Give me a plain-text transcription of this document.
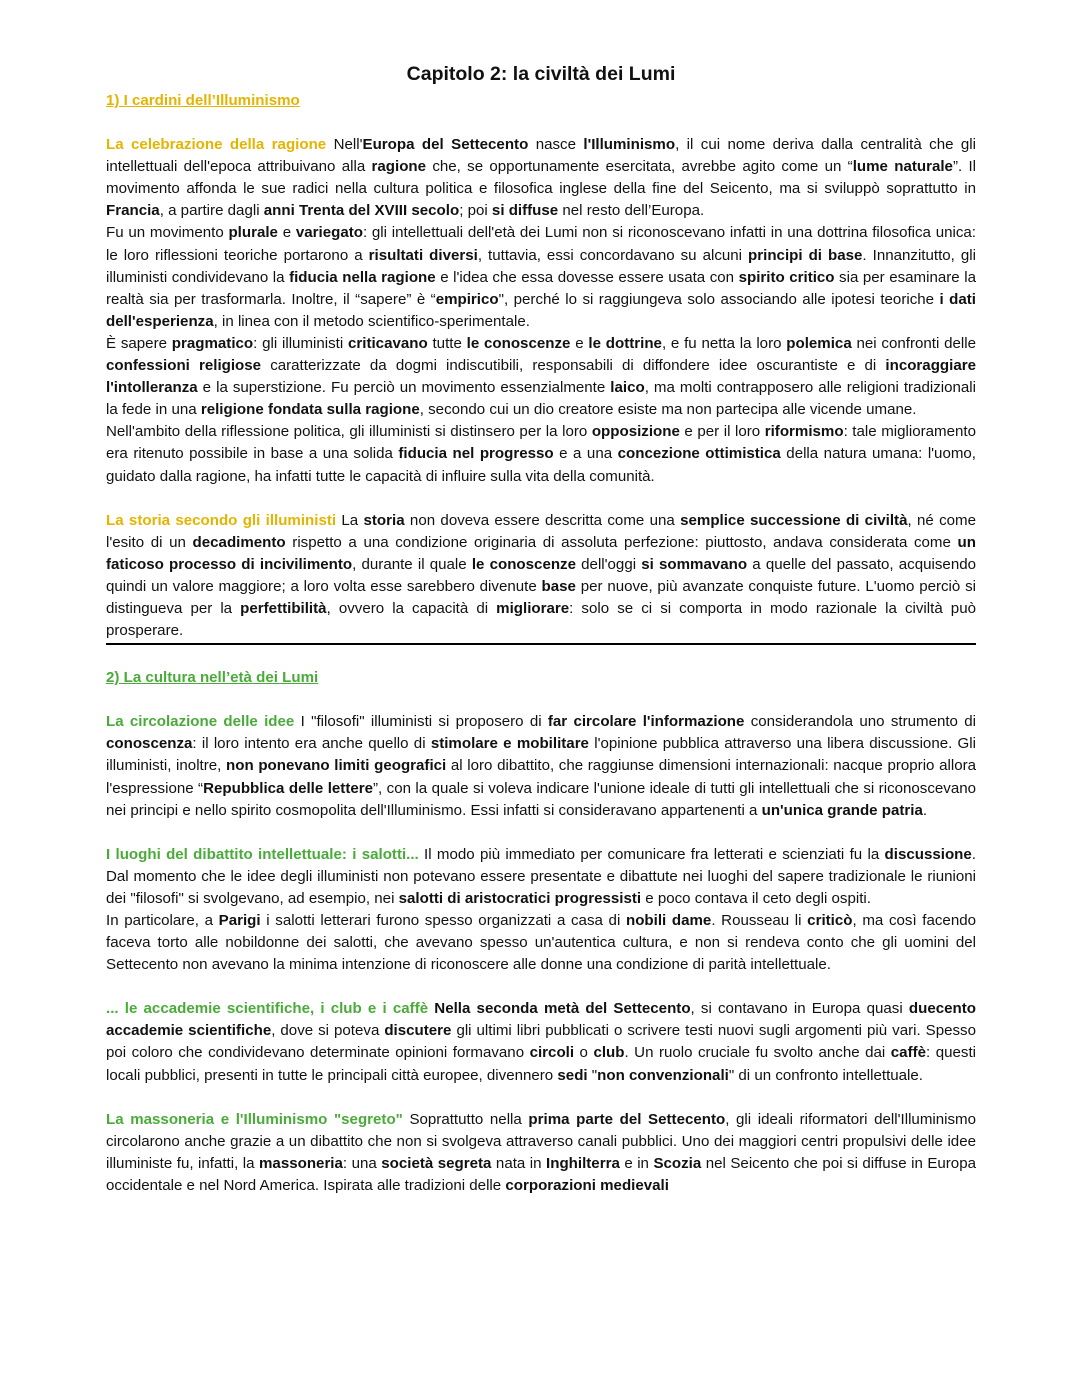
Capitolo 2: la civiltà dei Lumi

1) I cardini dell’Illuminismo

La celebrazione della ragione Nell'Europa del Settecento nasce l'Illuminismo, il cui nome deriva dalla centralità che gli intellettuali dell'epoca attribuivano alla ragione che, se opportunamente esercitata, avrebbe agito come un “lume naturale”. Il movimento affonda le sue radici nella cultura politica e filosofica inglese della fine del Seicento, ma si sviluppò soprattutto in Francia, a partire dagli anni Trenta del XVIII secolo; poi si diffuse nel resto dell’Europa.

Fu un movimento plurale e variegato: gli intellettuali dell'età dei Lumi non si riconoscevano infatti in una dottrina filosofica unica: le loro riflessioni teoriche portarono a risultati diversi, tuttavia, essi concordavano su alcuni principi di base. Innanzitutto, gli illuministi condividevano la fiducia nella ragione e l'idea che essa dovesse essere usata con spirito critico sia per esaminare la realtà sia per trasformarla. Inoltre, il “sapere” è “empirico", perché lo si raggiungeva solo associando alle ipotesi teoriche i dati dell'esperienza, in linea con il metodo scientifico-sperimentale.

È sapere pragmatico: gli illuministi criticavano tutte le conoscenze e le dottrine, e fu netta la loro polemica nei confronti delle confessioni religiose caratterizzate da dogmi indiscutibili, responsabili di diffondere idee oscurantiste e di incoraggiare l'intolleranza e la superstizione. Fu perciò un movimento essenzialmente laico, ma molti contrapposero alle religioni tradizionali la fede in una religione fondata sulla ragione, secondo cui un dio creatore esiste ma non partecipa alle vicende umane.

Nell'ambito della riflessione politica, gli illuministi si distinsero per la loro opposizione e per il loro riformismo: tale miglioramento era ritenuto possibile in base a una solida fiducia nel progresso e a una concezione ottimistica della natura umana: l'uomo, guidato dalla ragione, ha infatti tutte le capacità di influire sulla vita della comunità.

La storia secondo gli illuministi La storia non doveva essere descritta come una semplice successione di civiltà, né come l'esito di un decadimento rispetto a una condizione originaria di assoluta perfezione: piuttosto, andava considerata come un faticoso processo di incivilimento, durante il quale le conoscenze dell'oggi si sommavano a quelle del passato, acquisendo quindi un valore maggiore; a loro volta esse sarebbero divenute base per nuove, più avanzate conquiste future. L'uomo perciò si distingueva per la perfettibilità, ovvero la capacità di migliorare: solo se ci si comporta in modo razionale la civiltà può prosperare.

2) La cultura nell’età dei Lumi

La circolazione delle idee I "filosofi" illuministi si proposero di far circolare l'informazione considerandola uno strumento di conoscenza: il loro intento era anche quello di stimolare e mobilitare l'opinione pubblica attraverso una libera discussione. Gli illuministi, inoltre, non ponevano limiti geografici al loro dibattito, che raggiunse dimensioni internazionali: nacque proprio allora l'espressione “Repubblica delle lettere”, con la quale si voleva indicare l'unione ideale di tutti gli intellettuali che si riconoscevano nei principi e nello spirito cosmopolita dell'Illuminismo. Essi infatti si consideravano appartenenti a un'unica grande patria.

I luoghi del dibattito intellettuale: i salotti... Il modo più immediato per comunicare fra letterati e scienziati fu la discussione. Dal momento che le idee degli illuministi non potevano essere presentate e dibattute nei luoghi del sapere tradizionale le riunioni dei "filosofi" si svolgevano, ad esempio, nei salotti di aristocratici progressisti e poco contava il ceto degli ospiti.

In particolare, a Parigi i salotti letterari furono spesso organizzati a casa di nobili dame. Rousseau li criticò, ma così facendo faceva torto alle nobildonne dei salotti, che avevano spesso un'autentica cultura, e non si rendeva conto che gli uomini del Settecento non avevano la minima intenzione di riconoscere alle donne una condizione di parità intellettuale.

... le accademie scientifiche, i club e i caffè Nella seconda metà del Settecento, si contavano in Europa quasi duecento accademie scientifiche, dove si poteva discutere gli ultimi libri pubblicati o scrivere testi nuovi sugli argomenti più vari. Spesso poi coloro che condividevano determinate opinioni formavano circoli o club. Un ruolo cruciale fu svolto anche dai caffè: questi locali pubblici, presenti in tutte le principali città europee, divennero sedi "non convenzionali" di un confronto intellettuale.

La massoneria e l'Illuminismo "segreto" Soprattutto nella prima parte del Settecento, gli ideali riformatori dell'Illuminismo circolarono anche grazie a un dibattito che non si svolgeva attraverso canali pubblici. Uno dei maggiori centri propulsivi delle idee illuministe fu, infatti, la massoneria: una società segreta nata in Inghilterra e in Scozia nel Seicento che poi si diffuse in Europa occidentale e nel Nord America. Ispirata alle tradizioni delle corporazioni medievali
